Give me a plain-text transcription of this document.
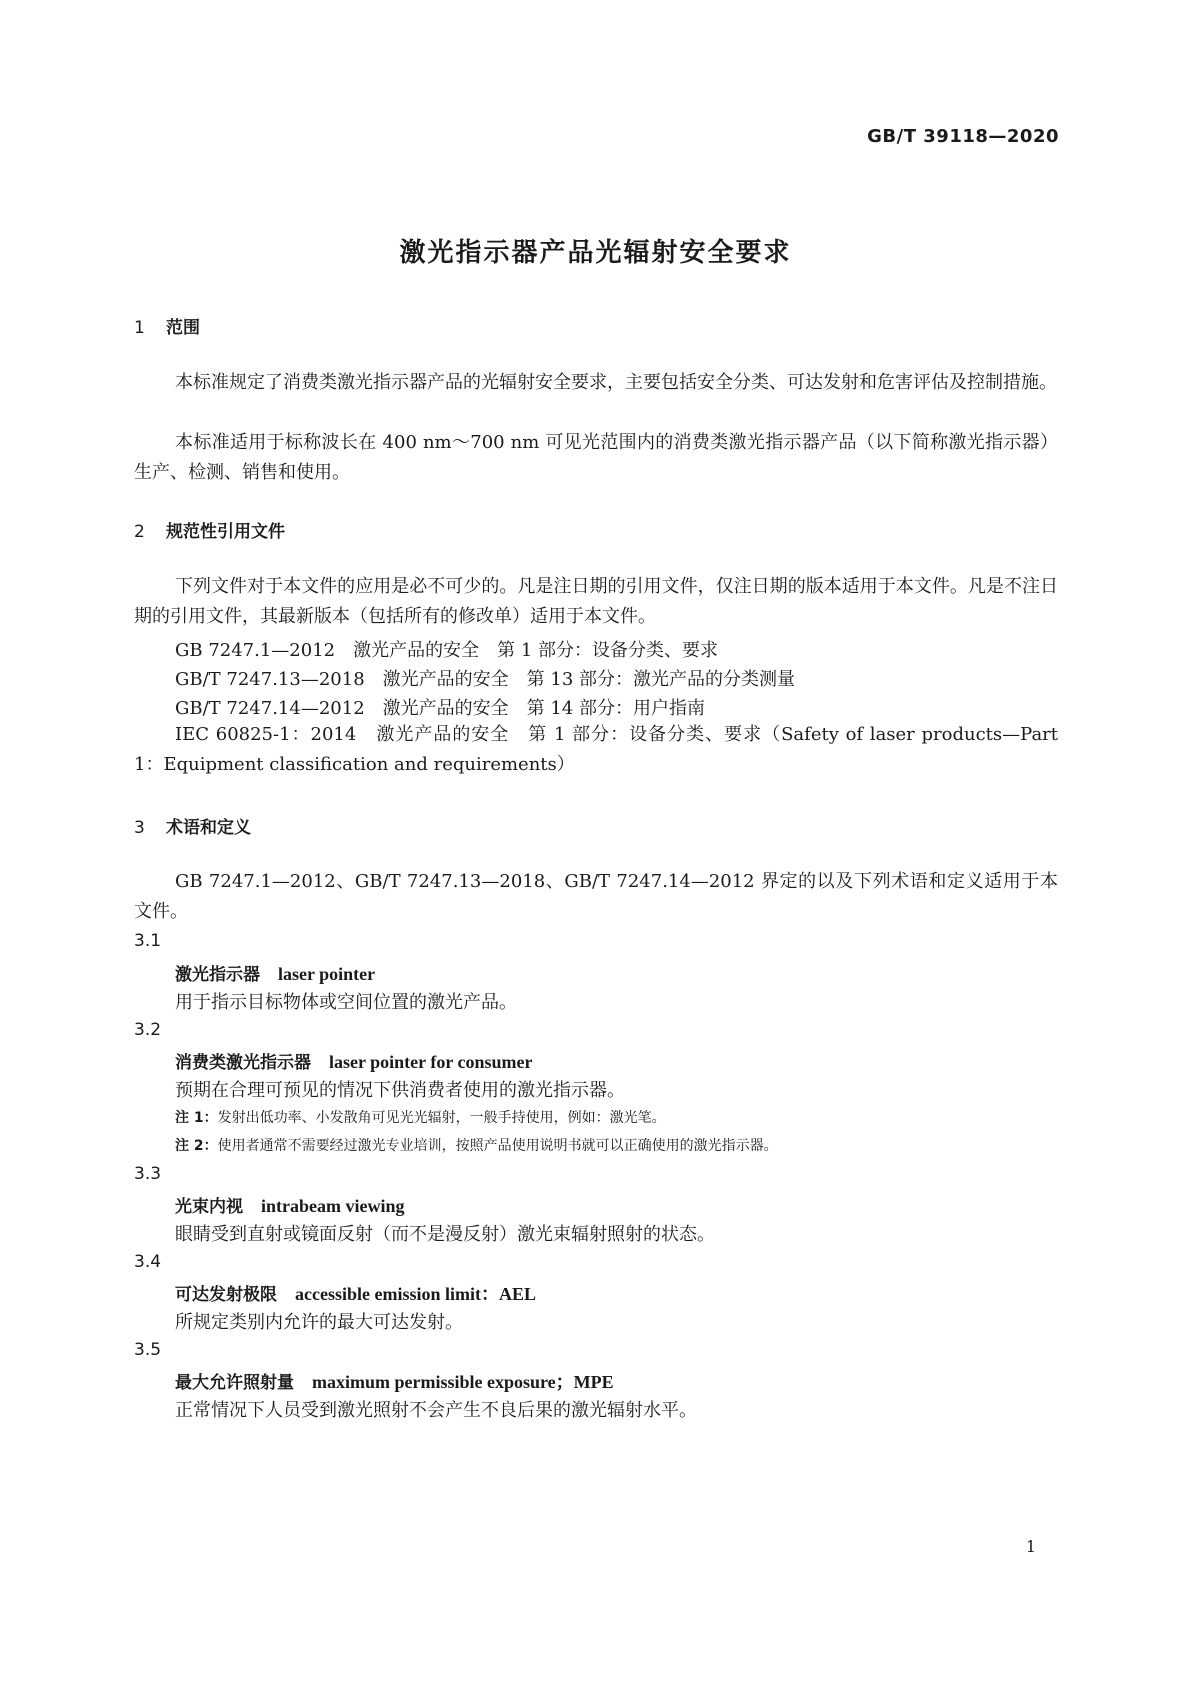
GB/T 39118—2020
激光指示器产品光辐射安全要求
1 范围
本标准规定了消费类激光指示器产品的光辐射安全要求，主要包括安全分类、可达发射和危害评估及控制措施。
本标准适用于标称波长在 400 nm～700 nm 可见光范围内的消费类激光指示器产品（以下简称激光指示器）生产、检测、销售和使用。
2 规范性引用文件
下列文件对于本文件的应用是必不可少的。凡是注日期的引用文件，仅注日期的版本适用于本文件。凡是不注日期的引用文件，其最新版本（包括所有的修改单）适用于本文件。
GB 7247.1—2012　 激光产品的安全　第 1 部分：设备分类、要求
GB/T 7247.13—2018　 激光产品的安全　第 13 部分：激光产品的分类测量
GB/T 7247.14—2012　 激光产品的安全　第 14 部分：用户指南
IEC 60825-1：2014　 激光产品的安全　第 1 部分：设备分类、要求（Safety of laser products—Part 1：Equipment classification and requirements）
3 术语和定义
GB 7247.1—2012、GB/T 7247.13—2018、GB/T 7247.14—2012 界定的以及下列术语和定义适用于本文件。
3.1
激光指示器 laser pointer
用于指示目标物体或空间位置的激光产品。
3.2
消费类激光指示器 laser pointer for consumer
预期在合理可预见的情况下供消费者使用的激光指示器。
注 1：发射出低功率、小发散角可见光光辐射，一般手持使用，例如：激光笔。
注 2：使用者通常不需要经过激光专业培训，按照产品使用说明书就可以正确使用的激光指示器。
3.3
光束内视 intrabeam viewing
眼睛受到直射或镜面反射（而不是漫反射）激光束辐射照射的状态。
3.4
可达发射极限 accessible emission limit：AEL
所规定类别内允许的最大可达发射。
3.5
最大允许照射量 maximum permissible exposure；MPE
正常情况下人员受到激光照射不会产生不良后果的激光辐射水平。
1
